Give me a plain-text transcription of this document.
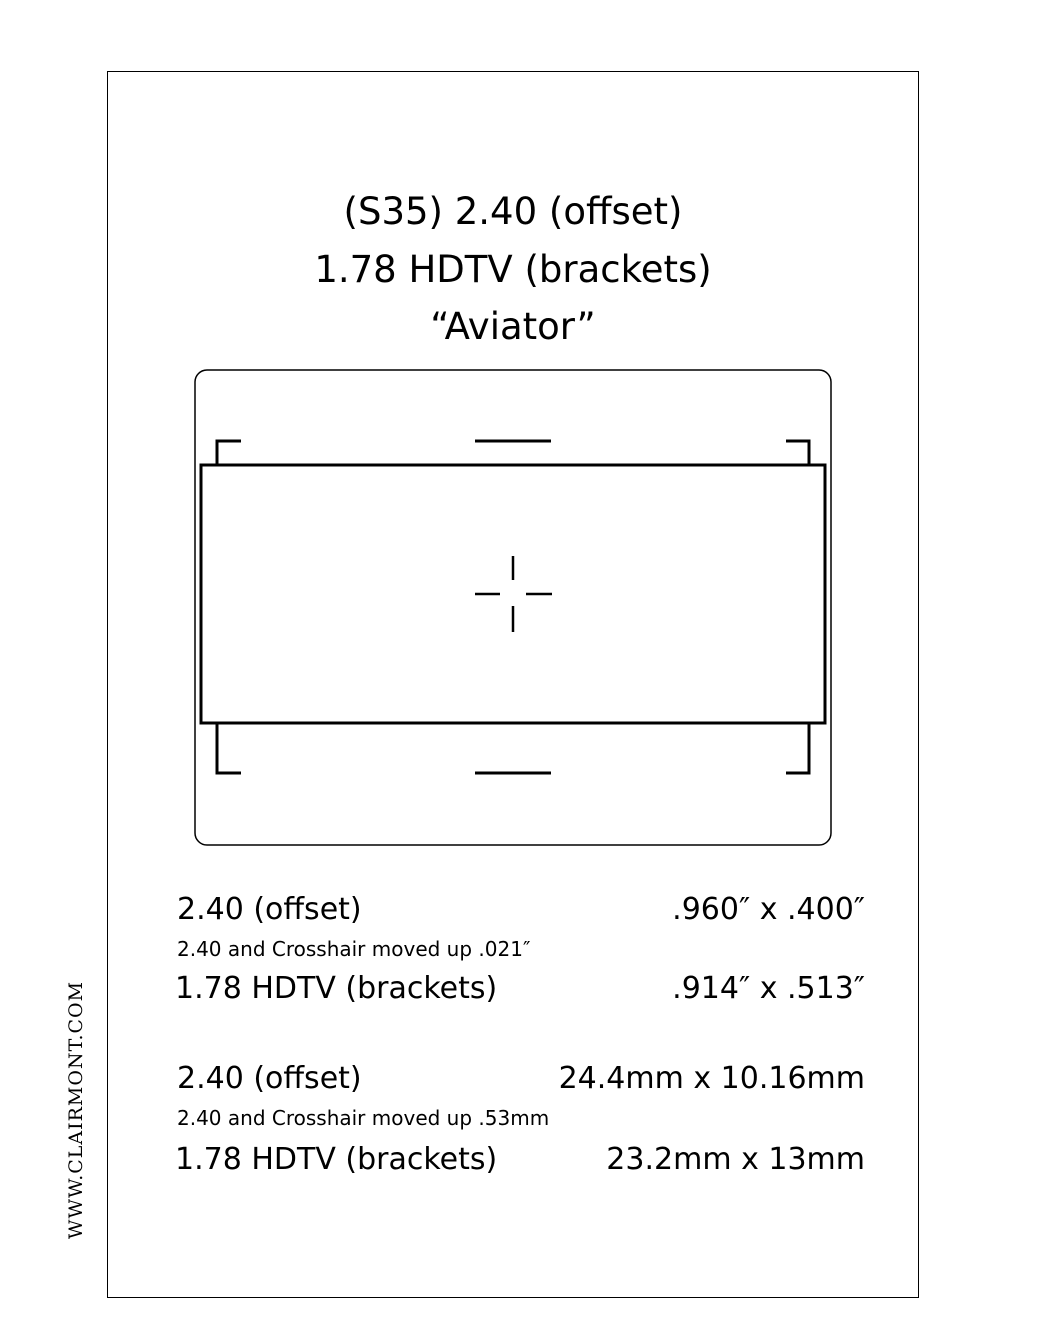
WWW.CLAIRMONT.COM
(S35) 2.40 (offset)
1.78 HDTV (brackets)
“Aviator”
2.40 (offset)	.960″ x .400″
2.40 and Crosshair moved up .021″
1.78 HDTV (brackets)	.914″ x .513″
2.40 (offset)	24.4mm x 10.16mm
2.40 and Crosshair moved up .53mm
1.78 HDTV (brackets)	23.2mm x 13mm
